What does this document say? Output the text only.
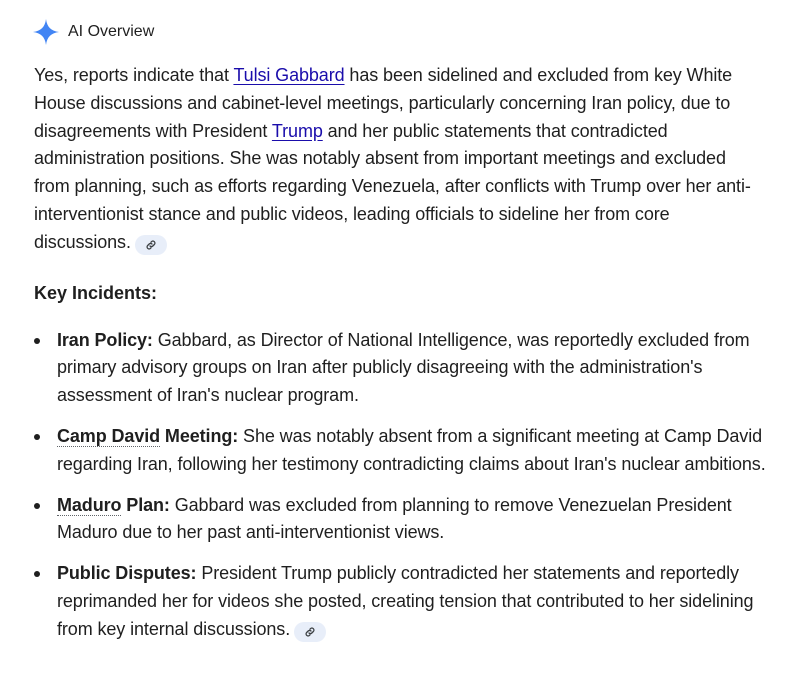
AI Overview
Yes, reports indicate that Tulsi Gabbard has been sidelined and excluded from key White House discussions and cabinet-level meetings, particularly concerning Iran policy, due to disagreements with President Trump and her public statements that contradicted administration positions. She was notably absent from important meetings and excluded from planning, such as efforts regarding Venezuela, after conflicts with Trump over her anti-interventionist stance and public videos, leading officials to sideline her from core discussions.
Key Incidents:
Iran Policy: Gabbard, as Director of National Intelligence, was reportedly excluded from primary advisory groups on Iran after publicly disagreeing with the administration's assessment of Iran's nuclear program.
Camp David Meeting: She was notably absent from a significant meeting at Camp David regarding Iran, following her testimony contradicting claims about Iran's nuclear ambitions.
Maduro Plan: Gabbard was excluded from planning to remove Venezuelan President Maduro due to her past anti-interventionist views.
Public Disputes: President Trump publicly contradicted her statements and reportedly reprimanded her for videos she posted, creating tension that contributed to her sidelining from key internal discussions.
